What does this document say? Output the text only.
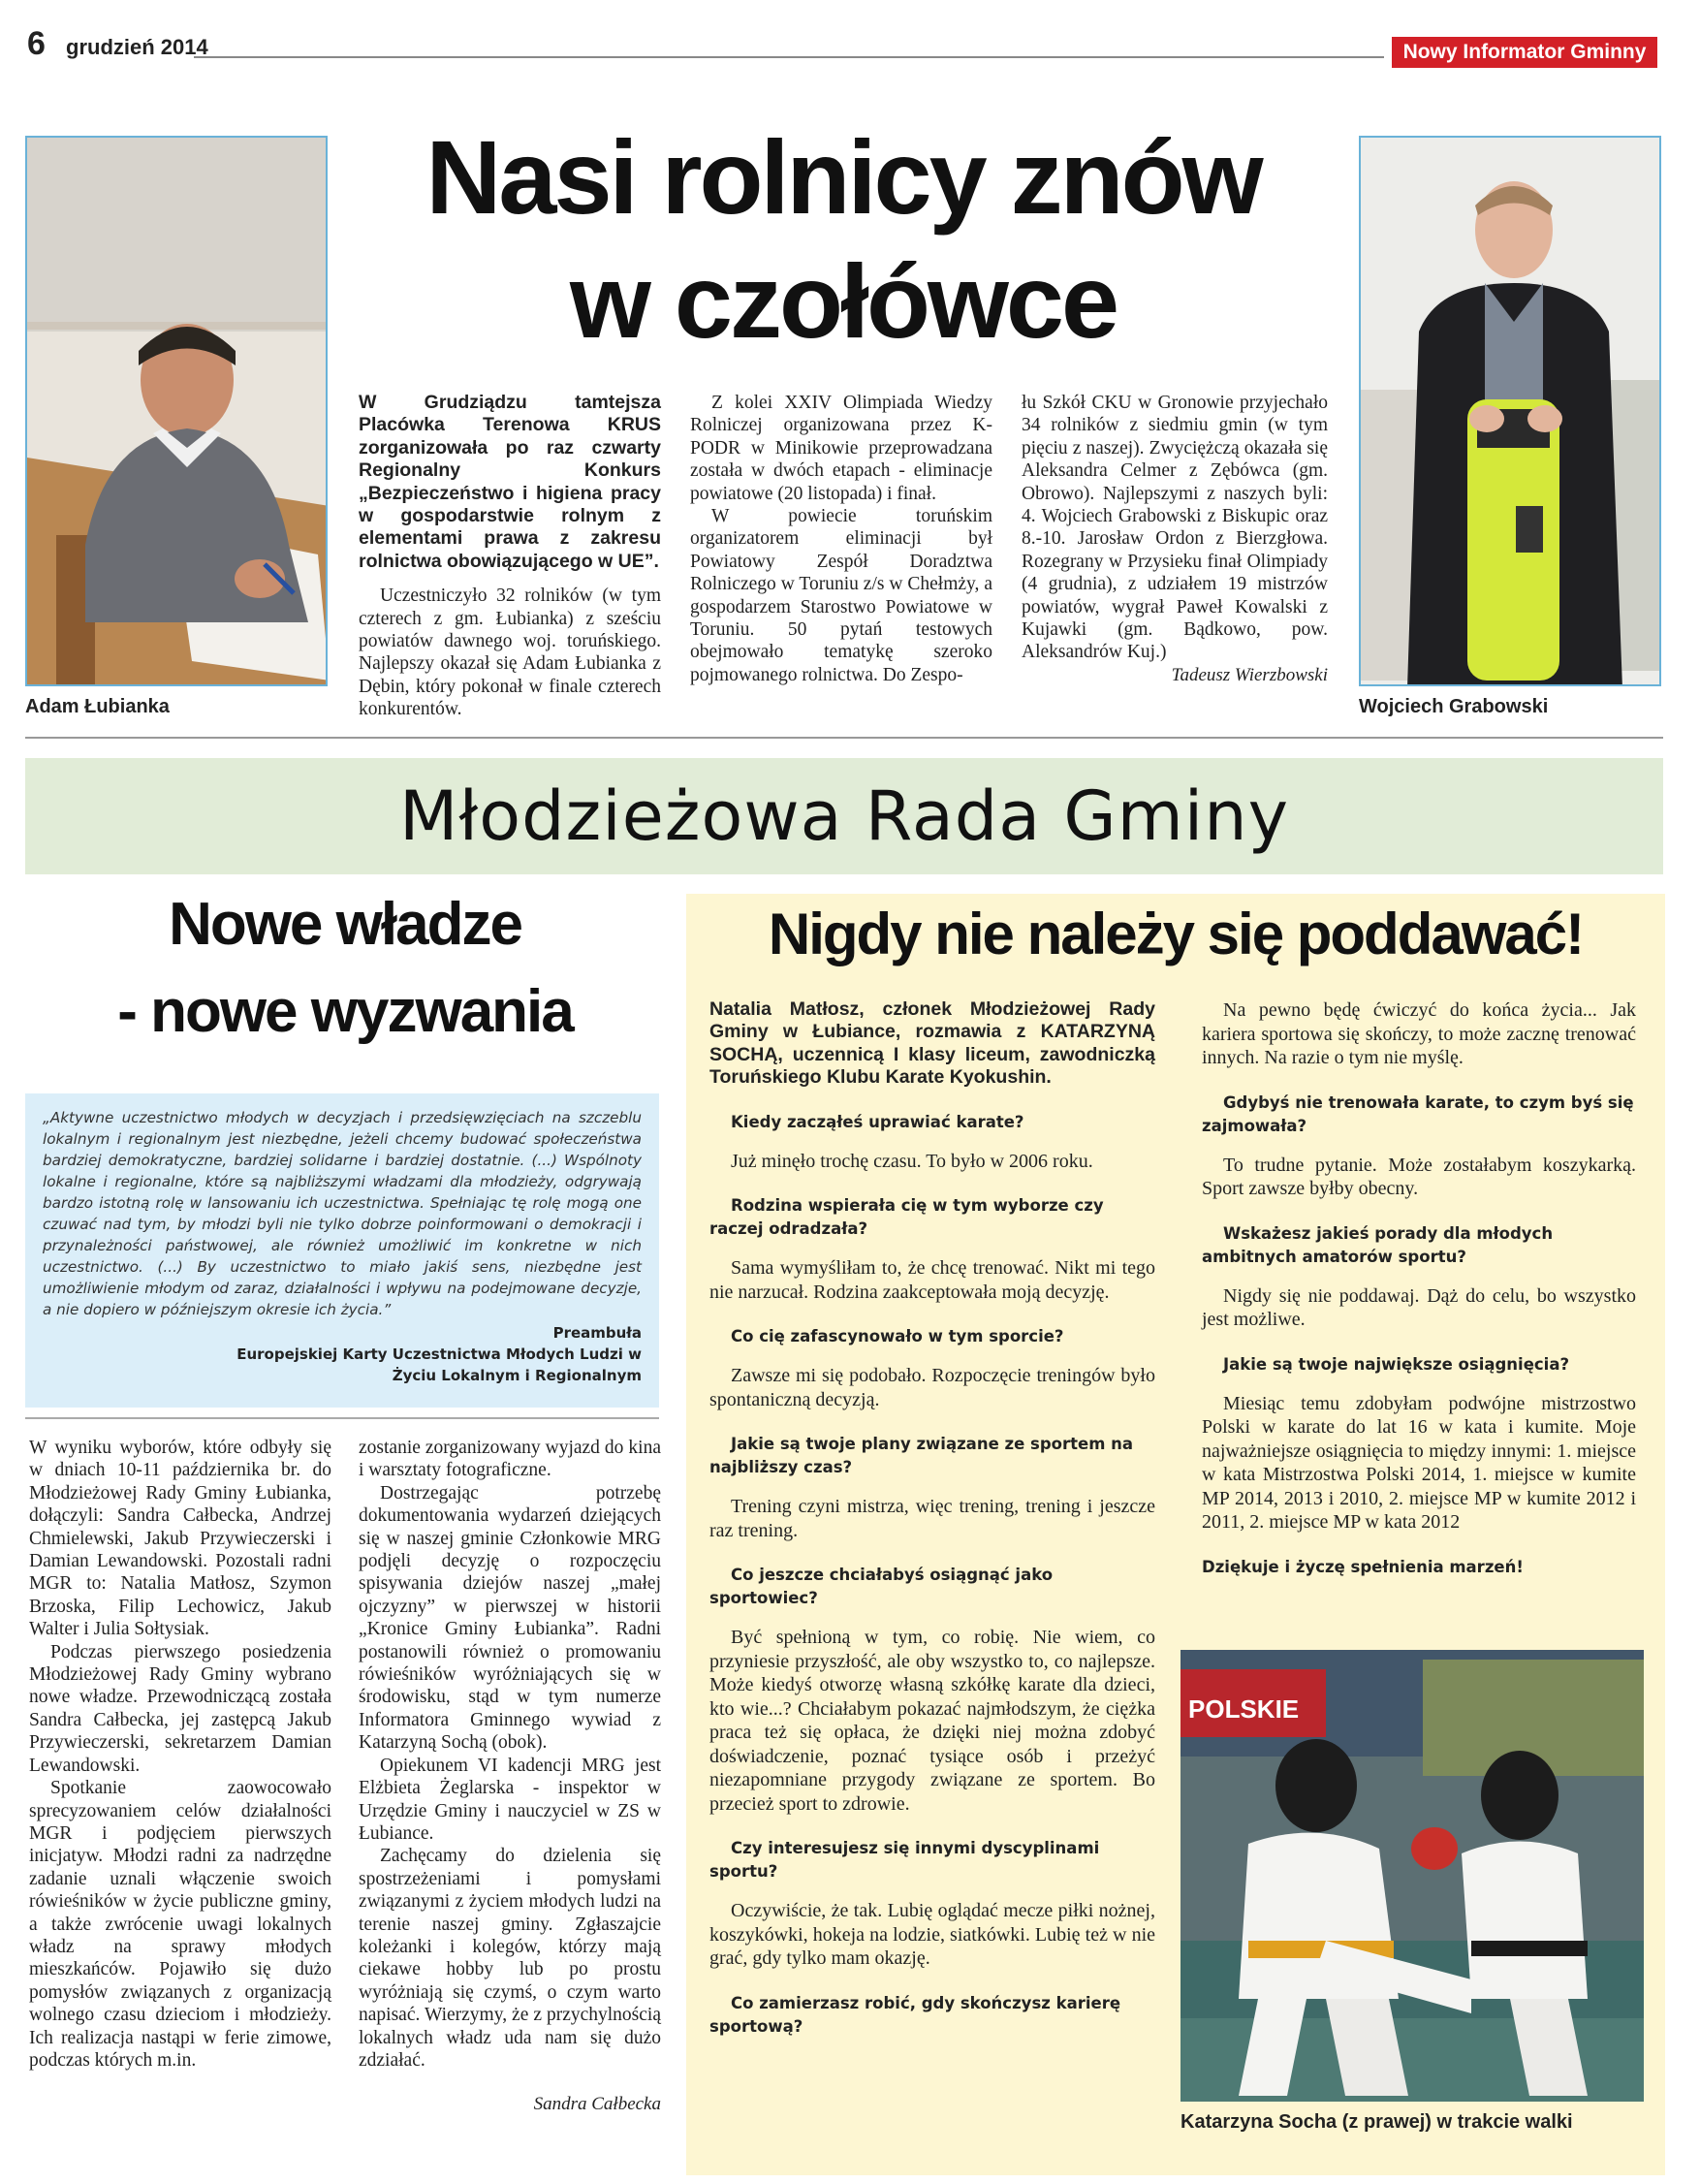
6 grudzień 2014	Nowy Informator Gminny
Adam Łubianka	Wojciech Grabowski
Nasi rolnicy znów
w czołówce
W Grudziądzu tamtejsza Placówka Terenowa KRUS zorganizowała po raz czwarty Regionalny Konkurs „Bezpieczeństwo i higiena pracy w gospodarstwie rolnym z elementami prawa z zakresu rolnictwa obowiązującego w UE”.

Uczestniczyło 32 rolników (w tym czterech z gm. Łubianka) z sześciu powiatów dawnego woj. toruńskiego. Najlepszy okazał się Adam Łubianka z Dębin, który pokonał w finale czterech konkurentów.

Z kolei XXIV Olimpiada Wiedzy Rolniczej organizowana przez K-PODR w Minikowie przeprowadzana została w dwóch etapach - eliminacje powiatowe (20 listopada) i finał.

W powiecie toruńskim organizatorem eliminacji był Powiatowy Zespół Doradztwa Rolniczego w Toruniu z/s w Chełmży, a gospodarzem Starostwo Powiatowe w Toruniu. 50 pytań testowych obejmowało tematykę szeroko pojmowanego rolnictwa. Do Zespo-

łu Szkół CKU w Gronowie przyjechało 34 rolników z siedmiu gmin (w tym pięciu z naszej). Zwyciężczą okazała się Aleksandra Celmer z Zębówca (gm. Obrowo). Najlepszymi z naszych byli: 4. Wojciech Grabowski z Biskupic oraz 8.-10. Jarosław Ordon z Bierzgłowa. Rozegrany w Przysieku finał Olimpiady (4 grudnia), z udziałem 19 mistrzów powiatów, wygrał Paweł Kowalski z Kujawki (gm. Bądkowo, pow. Aleksandrów Kuj.)

Tadeusz Wierzbowski
Młodzieżowa Rada Gminy
Nowe władze
- nowe wyzwania
„Aktywne uczestnictwo młodych w decyzjach i przedsięwzięciach na szczeblu lokalnym i regionalnym jest niezbędne, jeżeli chcemy budować społeczeństwa bardziej demokratyczne, bardziej solidarne i bardziej dostatnie. (...) Wspólnoty lokalne i regionalne, które są najbliższymi władzami dla młodzieży, odgrywają bardzo istotną rolę w lansowaniu ich uczestnictwa. Spełniając tę rolę mogą one czuwać nad tym, by młodzi byli nie tylko dobrze poinformowani o demokracji i przynależności państwowej, ale również umożliwić im konkretne w nich uczestnictwo. (...) By uczestnictwo to miało jakiś sens, niezbędne jest umożliwienie młodym od zaraz, działalności i wpływu na podejmowane decyzje, a nie dopiero w późniejszym okresie ich życia.”
Preambuła
Europejskiej Karty Uczestnictwa Młodych Ludzi w
Życiu Lokalnym i Regionalnym

W wyniku wyborów, które odbyły się w dniach 10-11 października br. do Młodzieżowej Rady Gminy Łubianka, dołączyli: Sandra Całbecka, Andrzej Chmielewski, Jakub Przywieczerski i Damian Lewandowski. Pozostali radni MGR to: Natalia Matłosz, Szymon Brzoska, Filip Lechowicz, Jakub Walter i Julia Sołtysiak.

Podczas pierwszego posiedzenia Młodzieżowej Rady Gminy wybrano nowe władze. Przewodniczącą została Sandra Całbecka, jej zastępcą Jakub Przywieczerski, sekretarzem Damian Lewandowski.

Spotkanie zaowocowało sprecyzowaniem celów działalności MGR i podjęciem pierwszych inicjatyw. Młodzi radni za nadrzędne zadanie uznali włączenie swoich rówieśników w życie publiczne gminy, a także zwrócenie uwagi lokalnych władz na sprawy młodych mieszkańców. Pojawiło się dużo pomysłów związanych z organizacją wolnego czasu dzieciom i młodzieży. Ich realizacja nastąpi w ferie zimowe, podczas których m.in.

zostanie zorganizowany wyjazd do kina i warsztaty fotograficzne.

Dostrzegając potrzebę dokumentowania wydarzeń dziejących się w naszej gminie Członkowie MRG podjęli decyzję o rozpoczęciu spisywania dziejów naszej „małej ojczyzny” w pierwszej w historii „Kronice Gminy Łubianka”. Radni postanowili również o promowaniu rówieśników wyróżniających się w środowisku, stąd w tym numerze Informatora Gminnego wywiad z Katarzyną Sochą (obok).

Opiekunem VI kadencji MRG jest Elżbieta Żeglarska - inspektor w Urzędzie Gminy i nauczyciel w ZS w Łubiance.

Zachęcamy do dzielenia się spostrzeżeniami i pomysłami związanymi z życiem młodych ludzi na terenie naszej gminy. Zgłaszajcie koleżanki i kolegów, którzy mają ciekawe hobby lub po prostu wyróżniają się czymś, o czym warto napisać. Wierzymy, że z przychylnością lokalnych władz uda nam się dużo zdziałać.

Sandra Całbecka
Nigdy nie należy się poddawać!
Natalia Matłosz, członek Młodzieżowej Rady Gminy w Łubiance, rozmawia z KATARZYNĄ SOCHĄ, uczennicą I klasy liceum, zawodniczką Toruńskiego Klubu Karate Kyokushin.

Kiedy zacząłeś uprawiać karate?

Już minęło trochę czasu. To było w 2006 roku.

Rodzina wspierała cię w tym wyborze czy raczej odradzała?

Sama wymyśliłam to, że chcę trenować. Nikt mi tego nie narzucał. Rodzina zaakceptowała moją decyzję.

Co cię zafascynowało w tym sporcie?

Zawsze mi się podobało. Rozpoczęcie treningów było spontaniczną decyzją.

Jakie są twoje plany związane ze sportem na najbliższy czas?

Trening czyni mistrza, więc trening, trening i jeszcze raz trening.

Co jeszcze chciałabyś osiągnąć jako sportowiec?

Być spełnioną w tym, co robię. Nie wiem, co przyniesie przyszłość, ale oby wszystko to, co najlepsze. Może kiedyś otworzę własną szkółkę karate dla dzieci, kto wie...? Chciałabym pokazać najmłodszym, że ciężka praca też się opłaca, że dzięki niej można zdobyć doświadczenie, poznać tysiące osób i przeżyć niezapomniane przygody związane ze sportem. Bo przecież sport to zdrowie.

Czy interesujesz się innymi dyscyplinami sportu?

Oczywiście, że tak. Lubię oglądać mecze piłki nożnej, koszykówki, hokeja na lodzie, siatkówki. Lubię też w nie grać, gdy tylko mam okazję.

Co zamierzasz robić, gdy skończysz karierę sportową?

Na pewno będę ćwiczyć do końca życia... Jak kariera sportowa się skończy, to może zacznę trenować innych. Na razie o tym nie myślę.

Gdybyś nie trenowała karate, to czym byś się zajmowała?

To trudne pytanie. Może zostałabym koszykarką. Sport zawsze byłby obecny.

Wskażesz jakieś porady dla młodych ambitnych amatorów sportu?

Nigdy się nie poddawaj. Dąż do celu, bo wszystko jest możliwe.

Jakie są twoje największe osiągnięcia?

Miesiąc temu zdobyłam podwójne mistrzostwo Polski w karate do lat 16 w kata i kumite. Moje najważniejsze osiągnięcia to między innymi: 1. miejsce w kata Mistrzostwa Polski 2014, 1. miejsce w kumite MP 2014, 2013 i 2010, 2. miejsce MP w kumite 2012 i 2011, 2. miejsce MP w kata 2012

Dziękuje i życzę spełnienia marzeń!

POLSKIE
Katarzyna Socha (z prawej) w trakcie walki
